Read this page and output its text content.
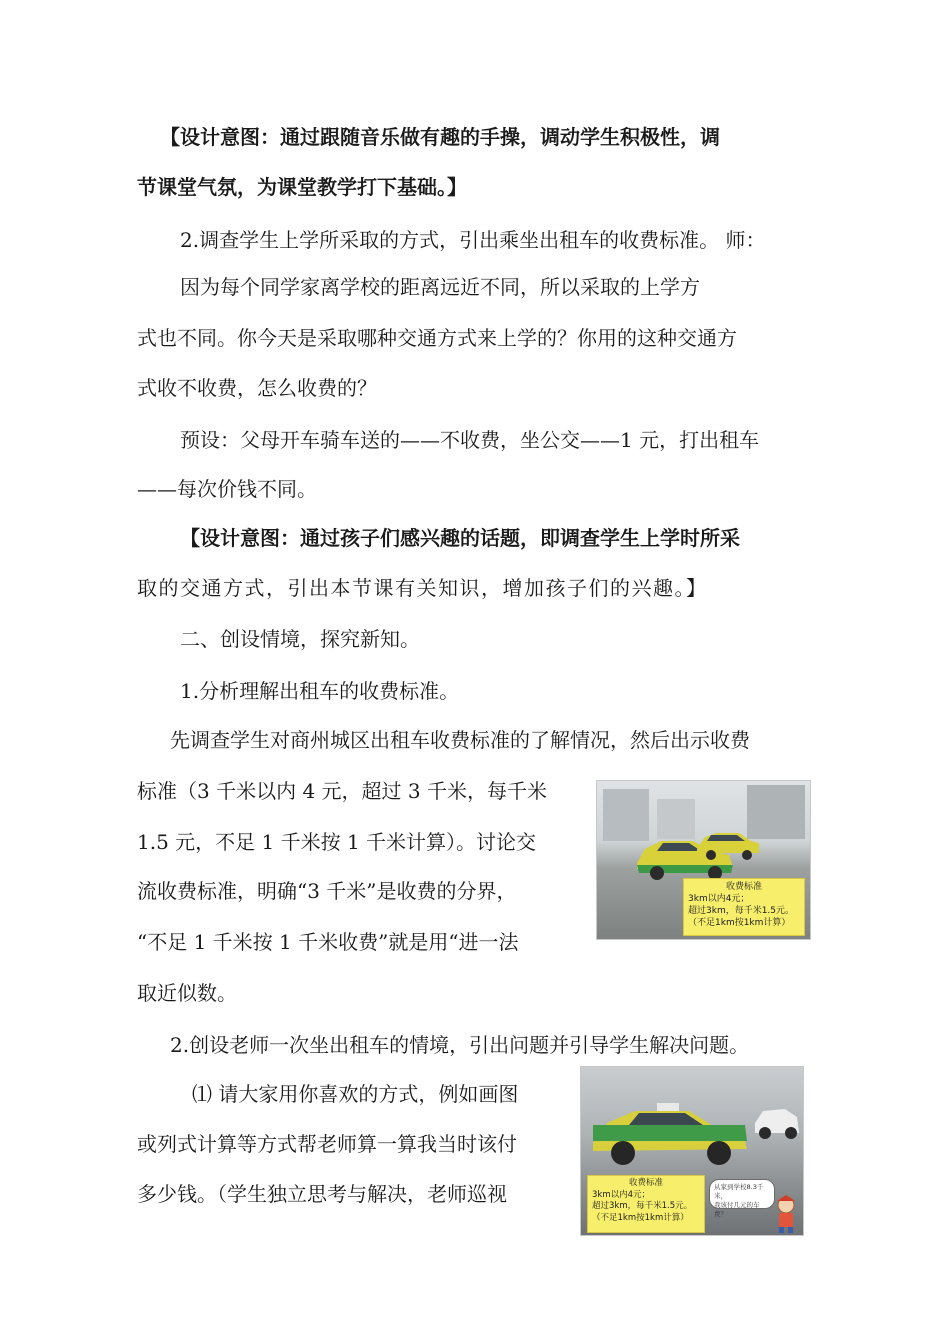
【设计意图：通过跟随音乐做有趣的手操，调动学生积极性，调
节课堂气氛，为课堂教学打下基础。】
2.调查学生上学所采取的方式，引出乘坐出租车的收费标准。 师：
因为每个同学家离学校的距离远近不同，所以采取的上学方
式也不同。你今天是采取哪种交通方式来上学的？你用的这种交通方
式收不收费，怎么收费的？
预设：父母开车骑车送的——不收费，坐公交——1 元，打出租车
——每次价钱不同。
【设计意图：通过孩子们感兴趣的话题，即调查学生上学时所采
取的交通方式，引出本节课有关知识，增加孩子们的兴趣。】
二、创设情境，探究新知。
1.分析理解出租车的收费标准。
先调查学生对商州城区出租车收费标准的了解情况，然后出示收费
标准（3 千米以内 4 元，超过 3 千米，每千米
1.5 元，不足 1 千米按 1 千米计算）。讨论交
流收费标准，明确“3 千米”是收费的分界，
“不足 1 千米按 1 千米收费”就是用“进一法
取近似数。
2.创设老师一次坐出租车的情境，引出问题并引导学生解决问题。
⑴ 请大家用你喜欢的方式，例如画图
或列式计算等方式帮老师算一算我当时该付
多少钱。（学生独立思考与解决，老师巡视
收费标准
3km以内4元；
超过3km，每千米1.5元。
（不足1km按1km计算）
收费标准
3km以内4元；
超过3km，每千米1.5元。
（不足1km按1km计算）
从家到学校8.3千米，
我该付几元的车费？
